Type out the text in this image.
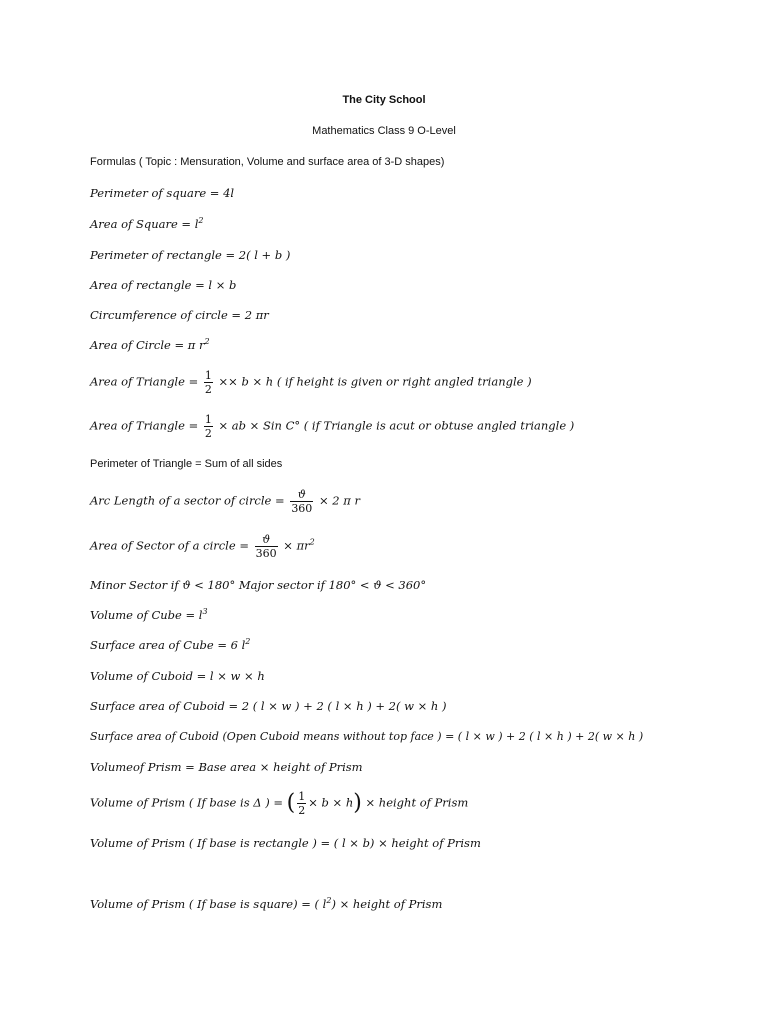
The City School
Mathematics Class 9 O-Level
Formulas ( Topic : Mensuration, Volume and surface area of 3-D shapes)
Perimeter of square = 4l
Area of Square = $l^2$
Perimeter of rectangle = 2( l + b )
Area of rectangle = l × b
Circumference of circle = 2 πr
Area of Circle = π $r^2$
Area of Triangle = $\frac{1}{2} \times\times b \times h$ ( if height is given or right angled triangle )
Area of Triangle = $\frac{1}{2}$ × ab × Sin C° ( if Triangle is acut or obtuse angled triangle )
Perimeter of Triangle = Sum of all sides
Arc Length of a sector of circle = $\frac{ϑ}{360} \times 2$ π r
Area of Sector of a circle = $\frac{ϑ}{360} \times \pi r^2$
Minor Sector if ϑ < 180° Major sector if 180° < ϑ < 360°
Volume of Cube = $l^3$
Surface area of Cube = 6 $l^2$
Volume of Cuboid = l × w × h
Surface area of Cuboid = 2 ( l × w ) + 2 ( l × h ) + 2( w × h )
Surface area of Cuboid (Open Cuboid means without top face ) = ( l × w ) + 2 ( l × h ) + 2( w × h )
Volumeof Prism = Base area × height of Prism
Volume of Prism ( If base is Δ ) = ( $\frac{1}{2} \times b \times h$) × height of Prism
Volume of Prism ( If base is rectangle ) = ( l × b) × height of Prism
Volume of Prism ( If base is square) = ( $l^2$) × height of Prism
